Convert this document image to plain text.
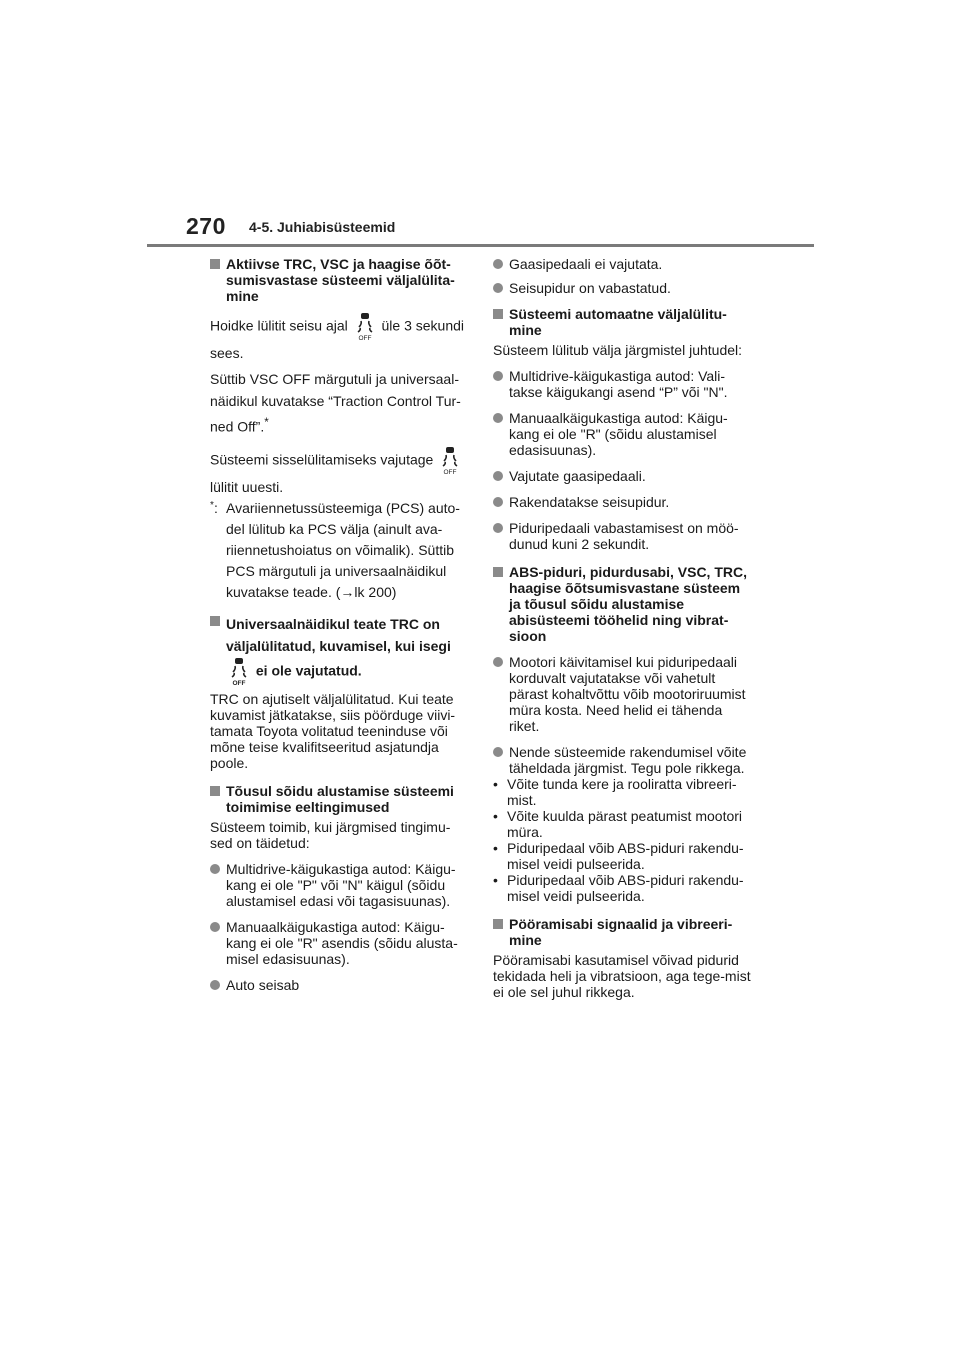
270 4-5. Juhiabisüsteemid
Aktiivse TRC, VSC ja haagise õõt-sumisvastase süsteemi väljalülita-mine

Hoidke lülitit seisu ajal
OFF
üle 3 sekundi sees.

Süttib VSC OFF märgutuli ja universaal-näidikul kuvatakse “Traction Control Tur-ned Off”.*

Süsteemi sisselülitamiseks vajutage
OFF

lülitit uuesti.

* : Avariiennetussüsteemiga (PCS) auto-del lülitub ka PCS välja (ainult ava-riiennetushoiatus on võimalik). Süttib PCS märgutuli ja universaalnäidikul kuvatakse teade. (→lk 200)
Universaalnäidikul teate TRC on väljalülitatud, kuvamisel, kui isegi
OFF
ei ole vajutatud.

TRC on ajutiselt väljalülitatud. Kui teate kuvamist jätkatakse, siis pöörduge viivi-tamata Toyota volitatud teeninduse või mõne teise kvalifitseeritud asjatundja poole.

Tõusul sõidu alustamise süsteemi toimimise eeltingimused

Süsteem toimib, kui järgmised tingimu-sed on täidetud:

Multidrive-käigukastiga autod: Käigu-kang ei ole "P" või "N" käigul (sõidu alustamisel edasi või tagasisuunas).
Manuaalkäigukastiga autod: Käigu-kang ei ole "R" asendis (sõidu alusta-misel edasisuunas).
Auto seisab
Gaasipedaali ei vajutata.
Seisupidur on vabastatud.
Süsteemi automaatne väljalülitu-mine

Süsteem lülitub välja järgmistel juhtudel:

Multidrive-käigukastiga autod: Vali-takse käigukangi asend “P” või "N".
Manuaalkäigukastiga autod: Käigu-kang ei ole "R" (sõidu alustamisel edasisuunas).
Vajutate gaasipedaali.
Rakendatakse seisupidur.
Piduripedaali vabastamisest on möö-dunud kuni 2 sekundit.
ABS-piduri, pidurdusabi, VSC, TRC, haagise õõtsumisvastane süsteem ja tõusul sõidu alustamise abisüsteemi tööhelid ning vibrat-sioon
Mootori käivitamisel kui piduripedaali korduvalt vajutatakse või vahetult pärast kohaltvõttu võib mootoriruumist müra kosta. Need helid ei tähenda riket.
Nende süsteemide rakendumisel võite täheldada järgmist. Tegu pole rikkega.
• Võite tunda kere ja rooliratta vibreeri-mist.
• Võite kuulda pärast peatumist mootori müra.
• Piduripedaal võib ABS-piduri rakendu-misel veidi pulseerida.
• Piduripedaal võib ABS-piduri rakendu-misel veidi pulseerida.
Pööramisabi signaalid ja vibreeri-mine

Pööramisabi kasutamisel võivad pidurid tekidada heli ja vibratsioon, aga tege-mist ei ole sel juhul rikkega.
